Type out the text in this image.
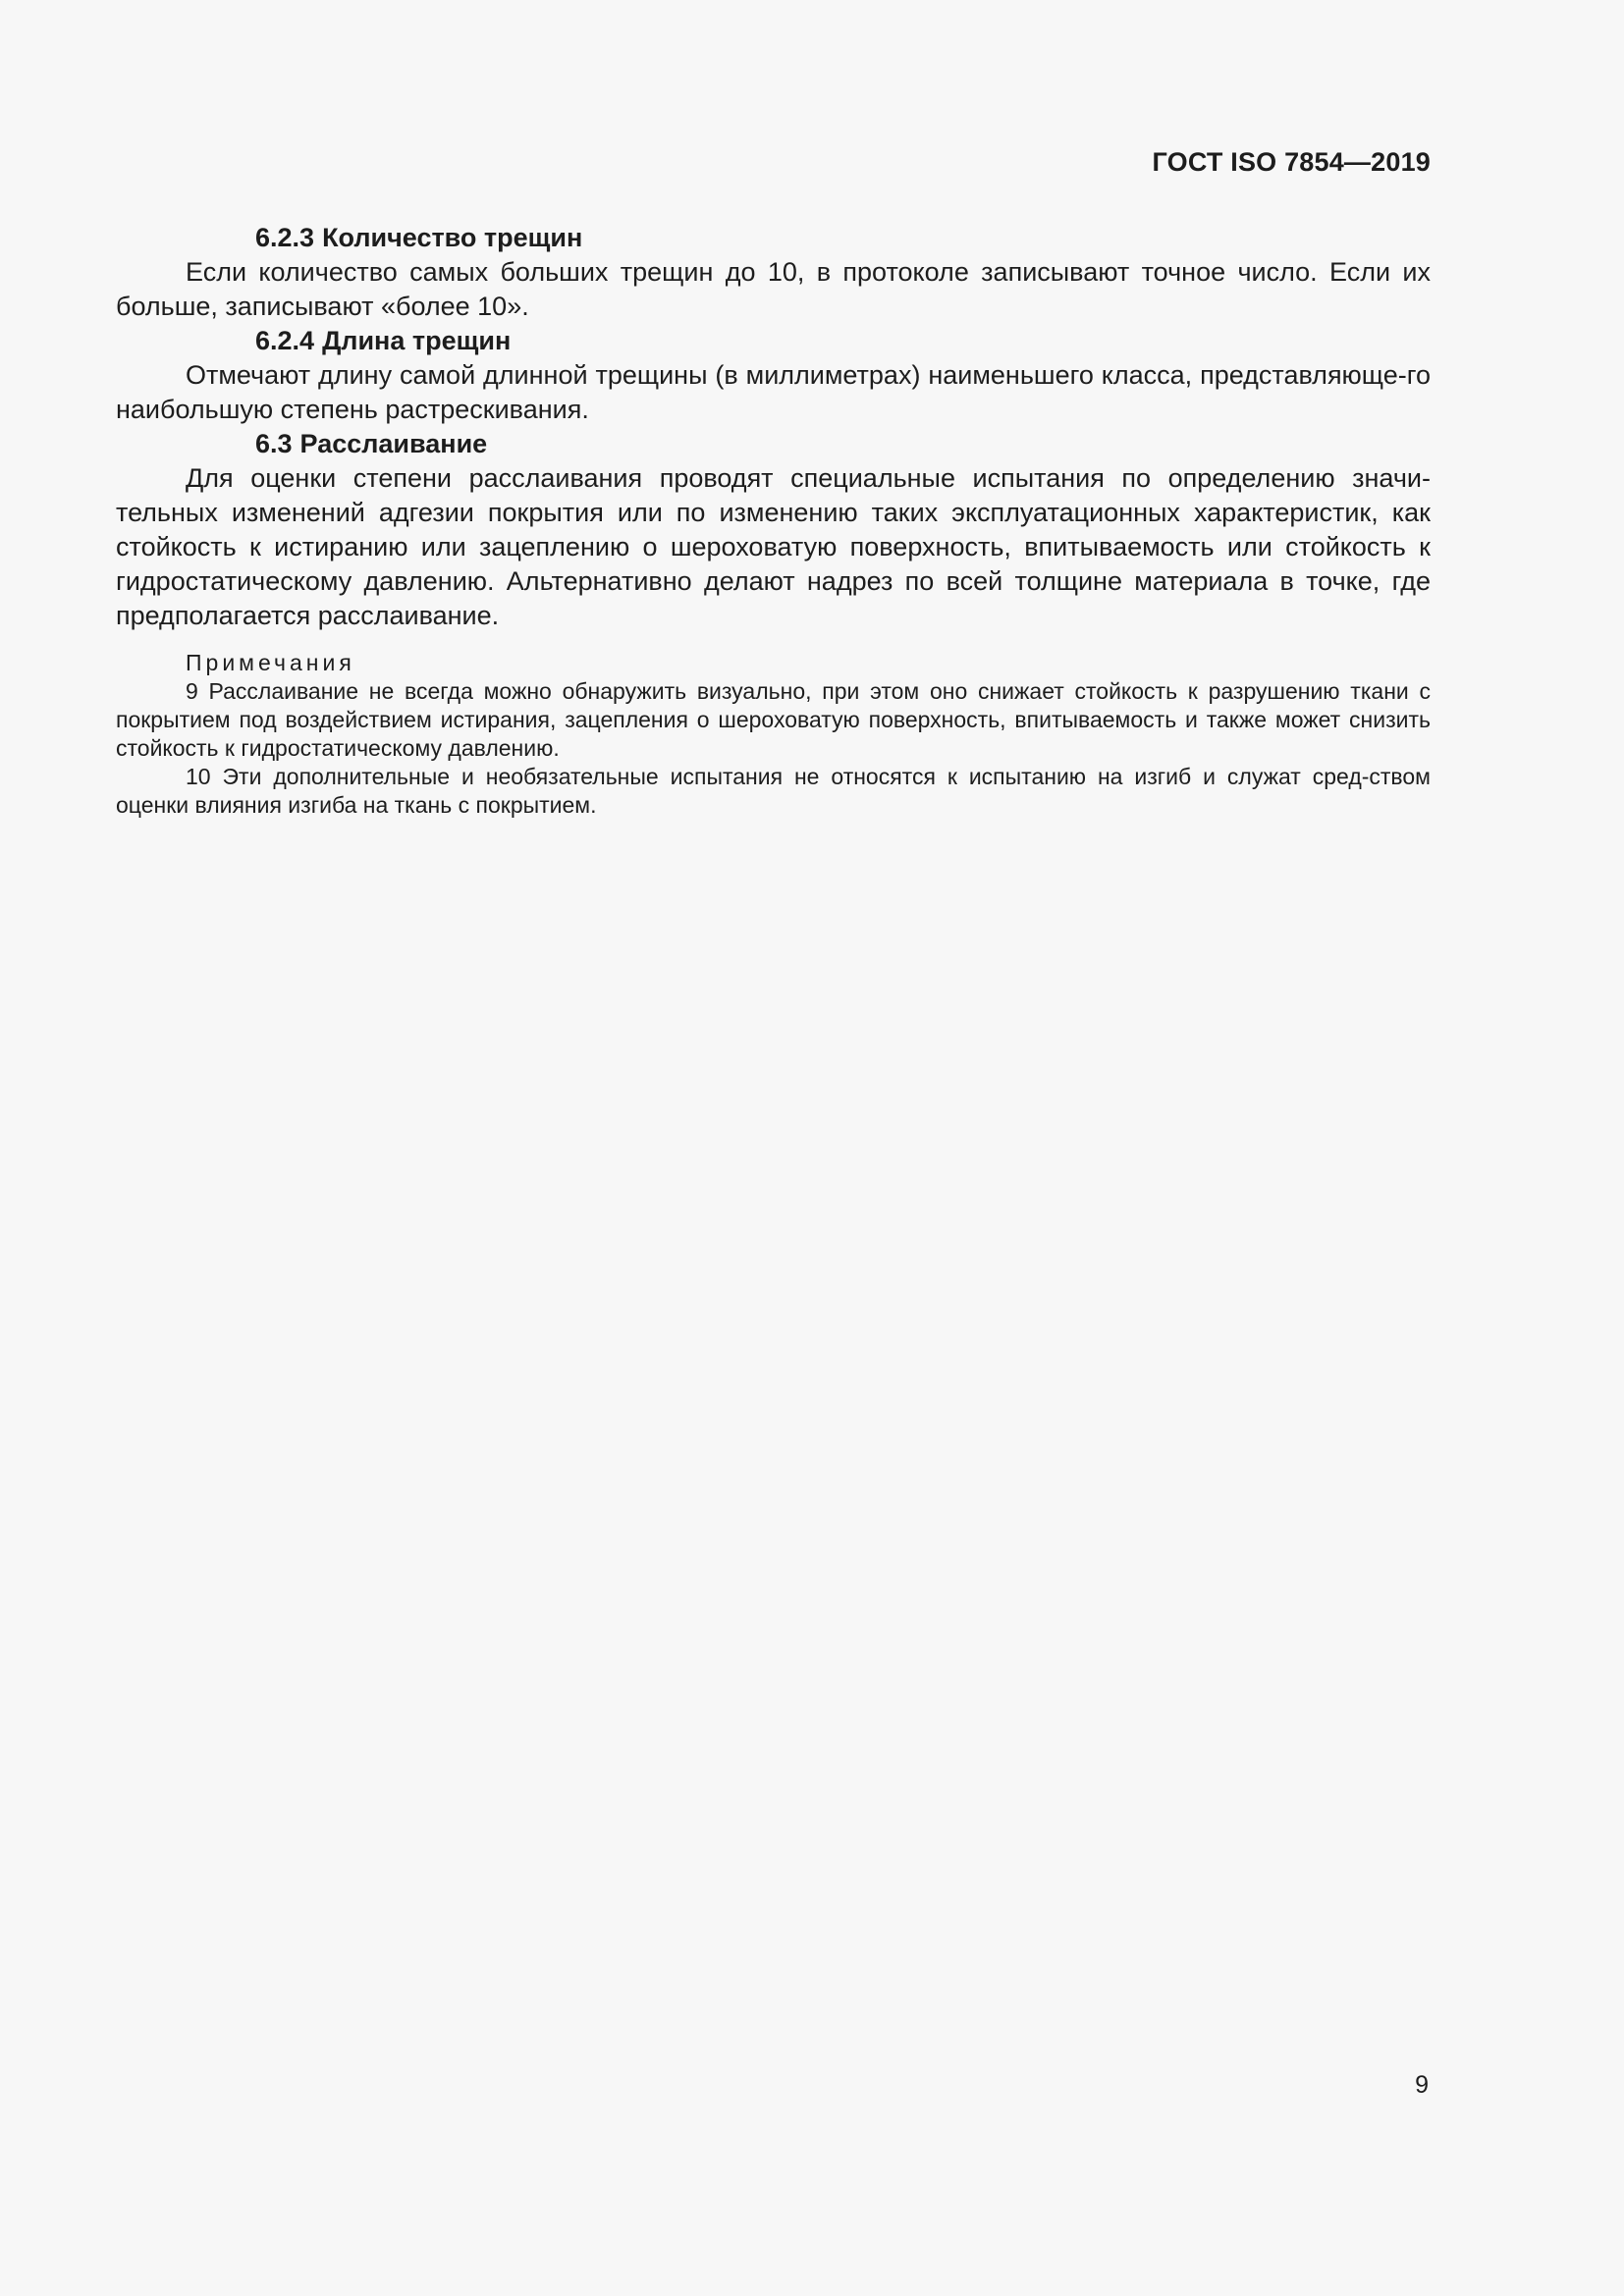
ГОСТ ISO 7854—2019

6.2.3 Количество трещин

Если количество самых больших трещин до 10, в протоколе записывают точное число. Если их больше, записывают «более 10».

6.2.4 Длина трещин

Отмечают длину самой длинной трещины (в миллиметрах) наименьшего класса, представляюще-го наибольшую степень растрескивания.

6.3 Расслаивание

Для оценки степени расслаивания проводят специальные испытания по определению значи-тельных изменений адгезии покрытия или по изменению таких эксплуатационных характеристик, как стойкость к истиранию или зацеплению о шероховатую поверхность, впитываемость или стойкость к гидростатическому давлению. Альтернативно делают надрез по всей толщине материала в точке, где предполагается расслаивание.

Примечания

9 Расслаивание не всегда можно обнаружить визуально, при этом оно снижает стойкость к разрушению ткани с покрытием под воздействием истирания, зацепления о шероховатую поверхность, впитываемость и также может снизить стойкость к гидростатическому давлению.

10 Эти дополнительные и необязательные испытания не относятся к испытанию на изгиб и служат сред-ством оценки влияния изгиба на ткань с покрытием.

9
